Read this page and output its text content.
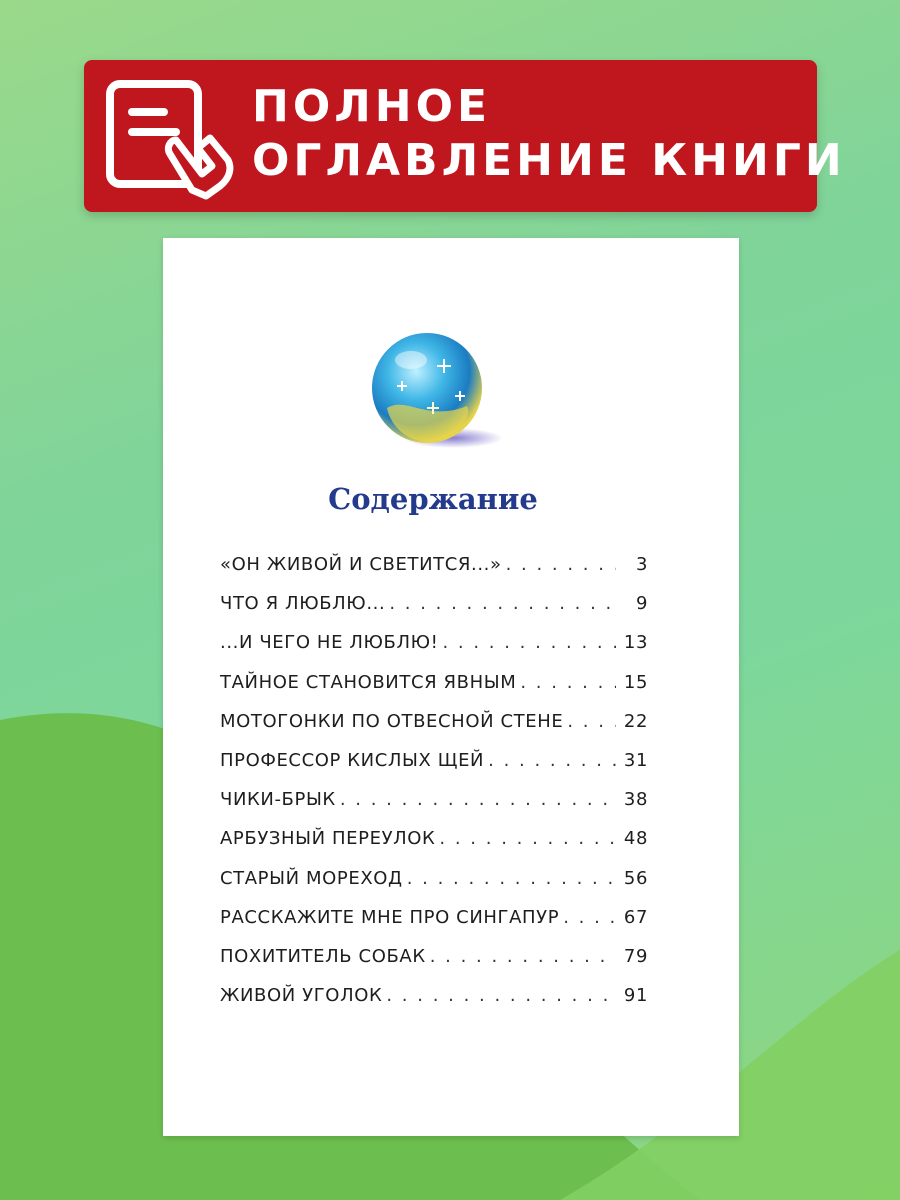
ПОЛНОЕ
ОГЛАВЛЕНИЕ КНИГИ
Содержание
«ОН ЖИВОЙ И СВЕТИТСЯ...» . . .	3
ЧТО Я ЛЮБЛЮ... . . .	9
...И ЧЕГО НЕ ЛЮБЛЮ! . . .	13
ТАЙНОЕ СТАНОВИТСЯ ЯВНЫМ . . .	15
МОТОГОНКИ ПО ОТВЕСНОЙ СТЕНЕ . . .	22
ПРОФЕССОР КИСЛЫХ ЩЕЙ . . .	31
ЧИКИ-БРЫК . . .	38
АРБУЗНЫЙ ПЕРЕУЛОК . . .	48
СТАРЫЙ МОРЕХОД . . .	56
РАССКАЖИТЕ МНЕ ПРО СИНГАПУР . . .	67
ПОХИТИТЕЛЬ СОБАК . . .	79
ЖИВОЙ УГОЛОК . . .	91
